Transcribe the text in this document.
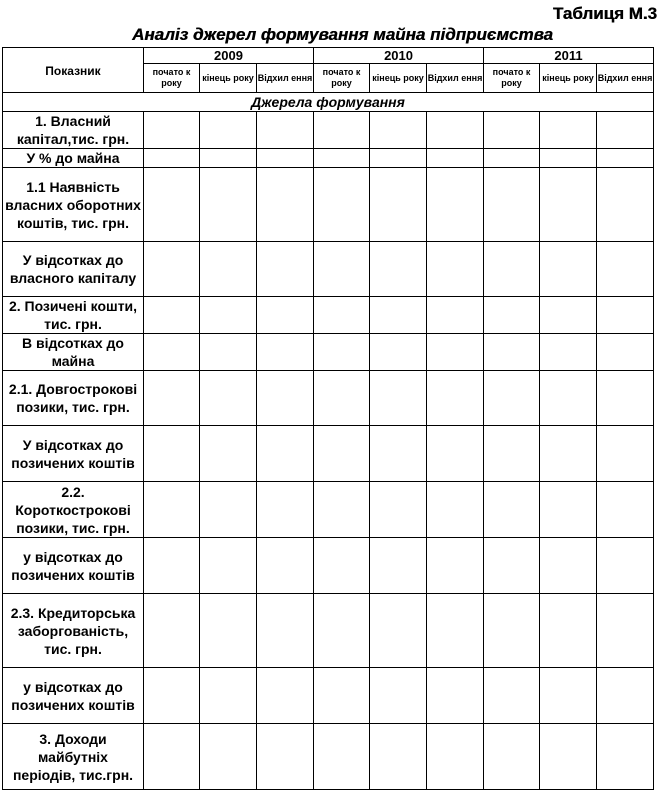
Таблиця М.3
Аналіз джерел формування майна підприємства
Показник	2009			2010			2011		
	почато к року	кінець року	Відхил ення	почато к року	кінець року	Відхил ення	почато к року	кінець року	Відхил ення
Джерела формування									
1. Власний капітал,тис. грн.									
У % до майна									
1.1 Наявність власних оборотних коштів, тис. грн.									
У відсотках до власного капіталу									
2. Позичені кошти, тис. грн.									
В відсотках до майна									
2.1. Довгострокові позики, тис. грн.									
У відсотках до позичених коштів									
2.2. Короткострокові позики, тис. грн.									
у відсотках до позичених коштів									
2.3. Кредиторська заборгованість, тис. грн.									
у відсотках до позичених коштів									
3. Доходи майбутніх періодів, тис.грн.									
